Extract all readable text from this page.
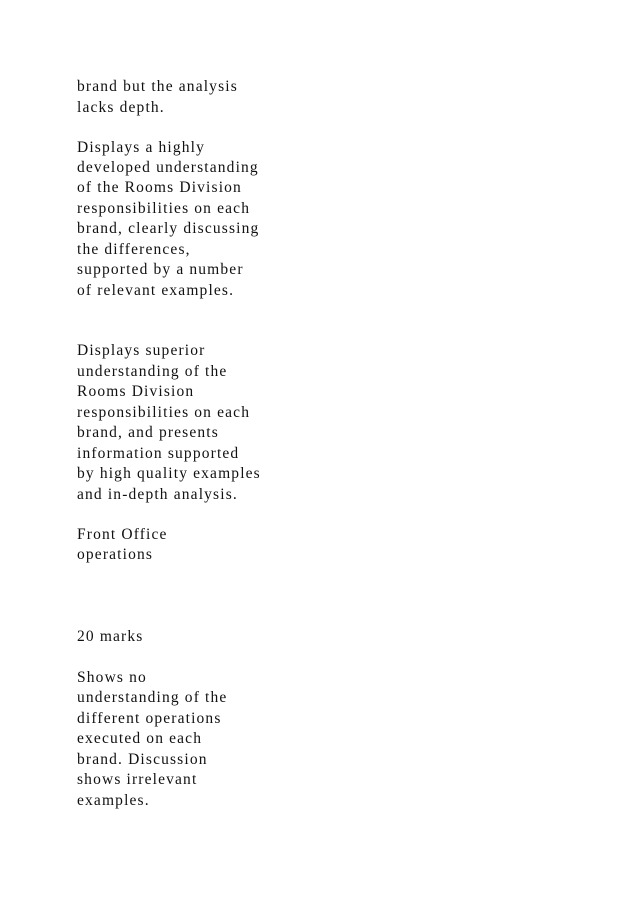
brand but the analysis
lacks depth.
Displays a highly
developed understanding
of the Rooms Division
responsibilities on each
brand, clearly discussing
the differences,
supported by a number
of relevant examples.
Displays superior
understanding of the
Rooms Division
responsibilities on each
brand, and presents
information supported
by high quality examples
and in-depth analysis.
Front Office
operations
20 marks
Shows no
understanding of the
different operations
executed on each
brand. Discussion
shows irrelevant
examples.
